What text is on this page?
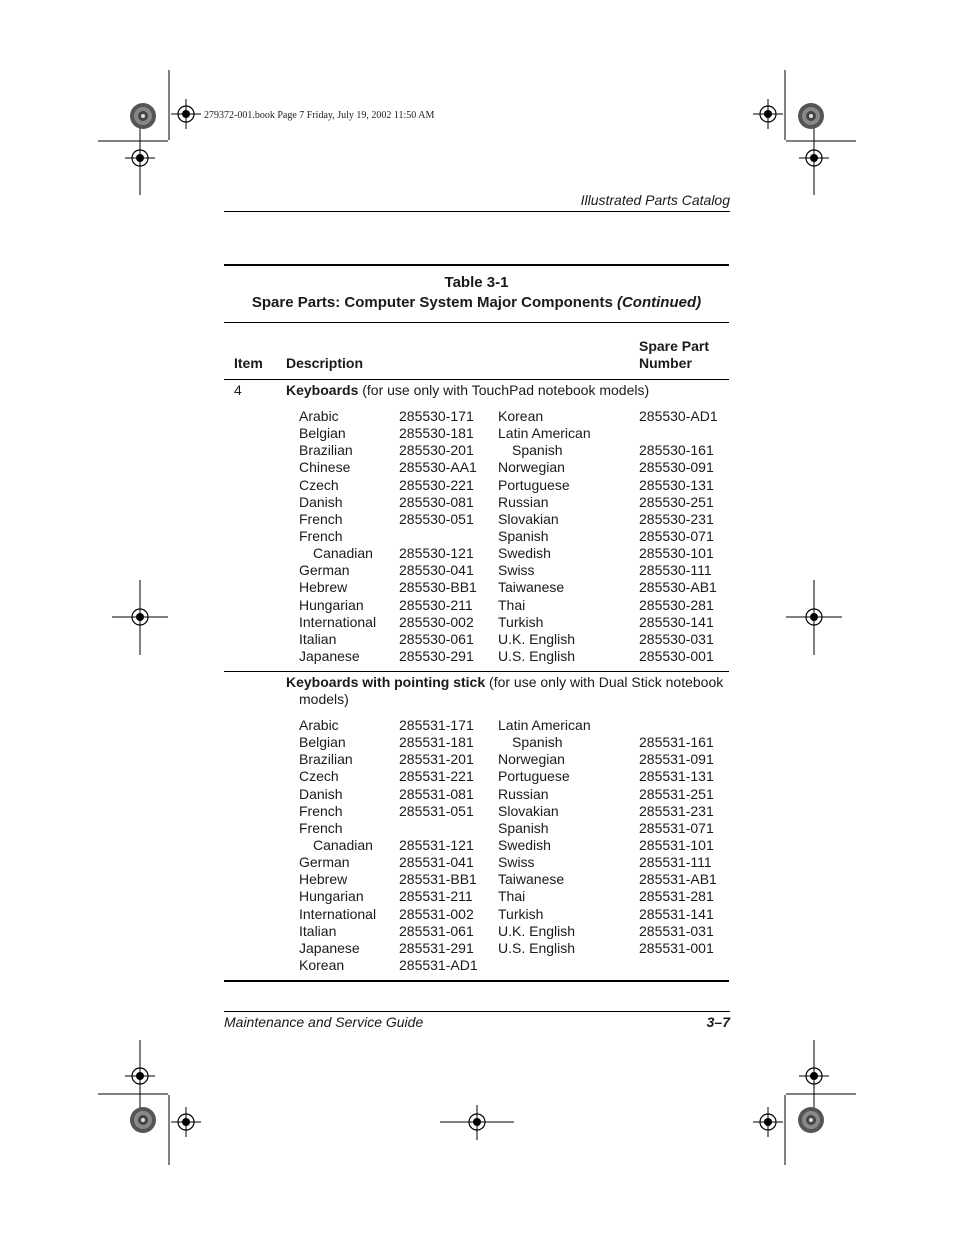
279372-001.book Page 7 Friday, July 19, 2002 11:50 AM
Illustrated Parts Catalog
Table 3-1
Spare Parts: Computer System Major Components (Continued)
Item Description
Spare Part
Number
4	Keyboards (for use only with TouchPad notebook models)
Arabic	285530-171	Korean	285530-AD1
Belgian	285530-181	Latin American
Brazilian	285530-201	Spanish	285530-161
Chinese	285530-AA1	Norwegian	285530-091
Czech	285530-221	Portuguese	285530-131
Danish	285530-081	Russian	285530-251
French	285530-051	Slovakian	285530-231
French	Spanish	285530-071
Canadian	285530-121	Swedish	285530-101
German	285530-041	Swiss	285530-111
Hebrew	285530-BB1	Taiwanese	285530-AB1
Hungarian	285530-211	Thai	285530-281
International	285530-002	Turkish	285530-141
Italian	285530-061	U.K. English	285530-031
Japanese	285530-291	U.S. English	285530-001
Keyboards with pointing stick (for use only with Dual Stick notebook
models)
Arabic	285531-171	Latin American
Belgian	285531-181	Spanish	285531-161
Brazilian	285531-201	Norwegian	285531-091
Czech	285531-221	Portuguese	285531-131
Danish	285531-081	Russian	285531-251
French	285531-051	Slovakian	285531-231
French	Spanish	285531-071
Canadian	285531-121	Swedish	285531-101
German	285531-041	Swiss	285531-111
Hebrew	285531-BB1	Taiwanese	285531-AB1
Hungarian	285531-211	Thai	285531-281
International	285531-002	Turkish	285531-141
Italian	285531-061	U.K. English	285531-031
Japanese	285531-291	U.S. English	285531-001
Korean	285531-AD1
Maintenance and Service Guide	3–7
